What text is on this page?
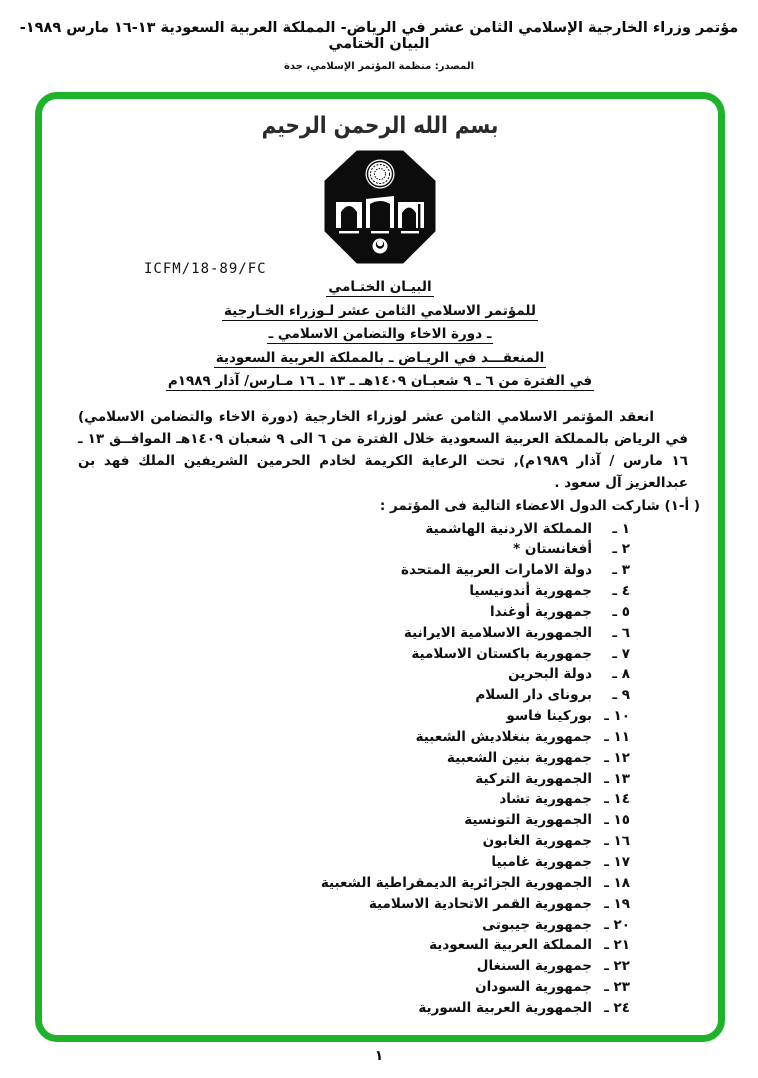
مؤتمر وزراء الخارجية الإسلامي الثامن عشر في الرياض- المملكة العربية السعودية ١٣-١٦ مارس ١٩٨٩- البيان الختامي
المصدر: منظمة المؤتمر الإسلامي، جدة
بسم الله الرحمن الرحيم
ICFM/18-89/FC
البيـان الختـامي
للمؤتمر الاسلامي الثامن عشر لـوزراء الخـارجية
ـ دورة الاخاء والتضامن الاسلامي ـ
المنعقـــد في الريـاض ـ بالمملكة العربية السعودية
في الفترة من ٦ ـ ٩ شعبـان ١٤٠٩هـ ـ ١٣ ـ ١٦ مـارس/ آذار ١٩٨٩م
انعقد المؤتمر الاسلامي الثامن عشر لوزراء الخارجية (دورة الاخاء والتضامن الاسلامي) في الرياض بالمملكة العربية السعودية خلال الفترة من ٦ الى ٩ شعبان ١٤٠٩هـ الموافــق ١٣ ـ ١٦ مارس / آذار ١٩٨٩م), تحت الرعاية الكريمة لخادم الحرمين الشريفين الملك فهد بن عبدالعزيز آل سعود .
( أ-١) شاركت الدول الاعضاء التالية فى المؤتمر :
١ ـ
المملكة الاردنية الهاشمية
٢ ـ
أفغانستان *
٣ ـ
دولة الامارات العربية المتحدة
٤ ـ
جمهورية أندونيسيا
٥ ـ
جمهورية أوغندا
٦ ـ
الجمهورية الاسلامية الايرانية
٧ ـ
جمهورية باكستان الاسلامية
٨ ـ
دولة البحرين
٩ ـ
بروناى دار السلام
١٠ ـ
بوركينا فاسو
١١ ـ
جمهورية بنغلاديش الشعبية
١٢ ـ
جمهورية بنين الشعبية
١٣ ـ
الجمهورية التركية
١٤ ـ
جمهورية تشاد
١٥ ـ
الجمهورية التونسية
١٦ ـ
جمهورية الغابون
١٧ ـ
جمهورية غامبيا
١٨ ـ
الجمهورية الجزائرية الديمقراطية الشعبية
١٩ ـ
جمهورية القمر الاتحادية الاسلامية
٢٠ ـ
جمهورية جيبوتى
٢١ ـ
المملكة العربية السعودية
٢٢ ـ
جمهورية السنغال
٢٣ ـ
جمهورية السودان
٢٤ ـ
الجمهورية العربية السورية
١
